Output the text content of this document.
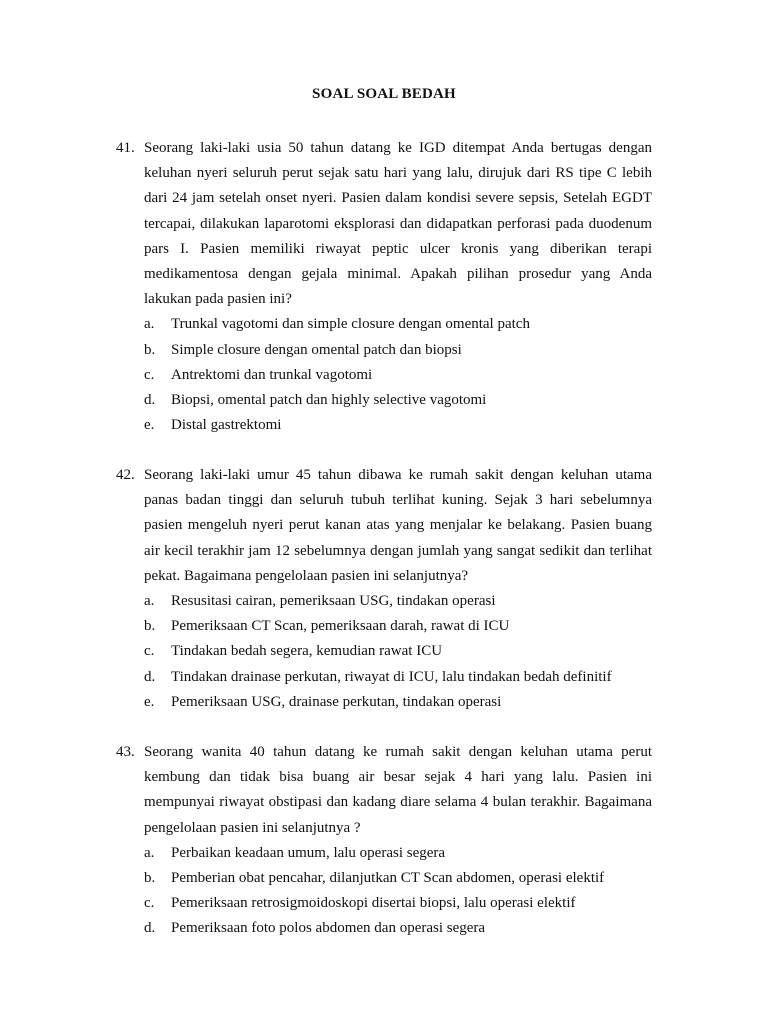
SOAL SOAL BEDAH
41. Seorang laki-laki usia 50 tahun datang ke IGD ditempat Anda bertugas dengan keluhan nyeri seluruh perut sejak satu hari yang lalu, dirujuk dari RS tipe C lebih dari 24 jam setelah onset nyeri. Pasien dalam kondisi severe sepsis, Setelah EGDT tercapai, dilakukan laparotomi eksplorasi dan didapatkan perforasi pada duodenum pars I. Pasien memiliki riwayat peptic ulcer kronis yang diberikan terapi medikamentosa dengan gejala minimal. Apakah pilihan prosedur yang Anda lakukan pada pasien ini?
a.	Trunkal vagotomi dan simple closure dengan omental patch
b.	Simple closure dengan omental patch dan biopsi
c.	Antrektomi dan trunkal vagotomi
d.	Biopsi, omental patch dan highly selective vagotomi
e.	Distal gastrektomi
42. Seorang laki-laki umur 45 tahun dibawa ke rumah sakit dengan keluhan utama panas badan tinggi dan seluruh tubuh terlihat kuning. Sejak 3 hari sebelumnya pasien mengeluh nyeri perut kanan atas yang menjalar ke belakang. Pasien buang air kecil terakhir jam 12 sebelumnya dengan jumlah yang sangat sedikit dan terlihat pekat. Bagaimana pengelolaan pasien ini selanjutnya?
a.	Resusitasi cairan, pemeriksaan USG, tindakan operasi
b.	Pemeriksaan CT Scan, pemeriksaan darah, rawat di ICU
c.	Tindakan bedah segera, kemudian rawat ICU
d.	Tindakan drainase perkutan, riwayat di ICU, lalu tindakan bedah definitif
e.	Pemeriksaan USG, drainase perkutan, tindakan operasi
43. Seorang wanita 40 tahun datang ke rumah sakit dengan keluhan utama perut kembung dan tidak bisa buang air besar sejak 4 hari yang lalu. Pasien ini mempunyai riwayat obstipasi dan kadang diare selama 4 bulan terakhir. Bagaimana pengelolaan pasien ini selanjutnya ?
a.	Perbaikan keadaan umum, lalu operasi segera
b.	Pemberian obat pencahar, dilanjutkan CT Scan abdomen, operasi elektif
c.	Pemeriksaan retrosigmoidoskopi disertai biopsi, lalu operasi elektif
d.	Pemeriksaan foto polos abdomen dan operasi segera
